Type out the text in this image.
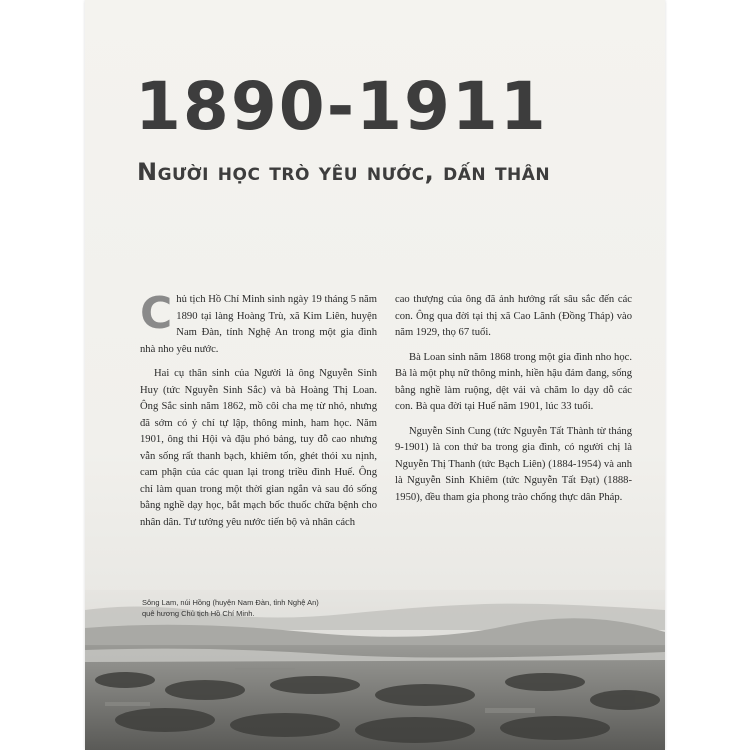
1890-1911
Người học trò yêu nước, dấn thân

Chủ tịch Hồ Chí Minh sinh ngày 19 tháng 5 năm 1890 tại làng Hoàng Trù, xã Kim Liên, huyện Nam Đàn, tỉnh Nghệ An trong một gia đình nhà nho yêu nước.

Hai cụ thân sinh của Người là ông Nguyễn Sinh Huy (tức Nguyễn Sinh Sắc) và bà Hoàng Thị Loan. Ông Sắc sinh năm 1862, mồ côi cha mẹ từ nhỏ, nhưng đã sớm có ý chí tự lập, thông minh, ham học. Năm 1901, ông thi Hội và đậu phó bảng, tuy đỗ cao nhưng vẫn sống rất thanh bạch, khiêm tốn, ghét thói xu nịnh, cam phận của các quan lại trong triều đình Huế. Ông chỉ làm quan trong một thời gian ngắn và sau đó sống bằng nghề dạy học, bắt mạch bốc thuốc chữa bệnh cho nhân dân. Tư tưởng yêu nước tiến bộ và nhân cách

cao thượng của ông đã ảnh hưởng rất sâu sắc đến các con. Ông qua đời tại thị xã Cao Lãnh (Đồng Tháp) vào năm 1929, thọ 67 tuổi.

Bà Loan sinh năm 1868 trong một gia đình nho học. Bà là một phụ nữ thông minh, hiền hậu đảm đang, sống bằng nghề làm ruộng, dệt vải và chăm lo dạy dỗ các con. Bà qua đời tại Huế năm 1901, lúc 33 tuổi.

Nguyễn Sinh Cung (tức Nguyễn Tất Thành từ tháng 9-1901) là con thứ ba trong gia đình, có người chị là Nguyễn Thị Thanh (tức Bạch Liên) (1884-1954) và anh là Nguyễn Sinh Khiêm (tức Nguyễn Tất Đạt) (1888-1950), đều tham gia phong trào chống thực dân Pháp.

Sông Lam, núi Hồng (huyện Nam Đàn, tỉnh Nghệ An)
quê hương Chủ tịch Hồ Chí Minh.
